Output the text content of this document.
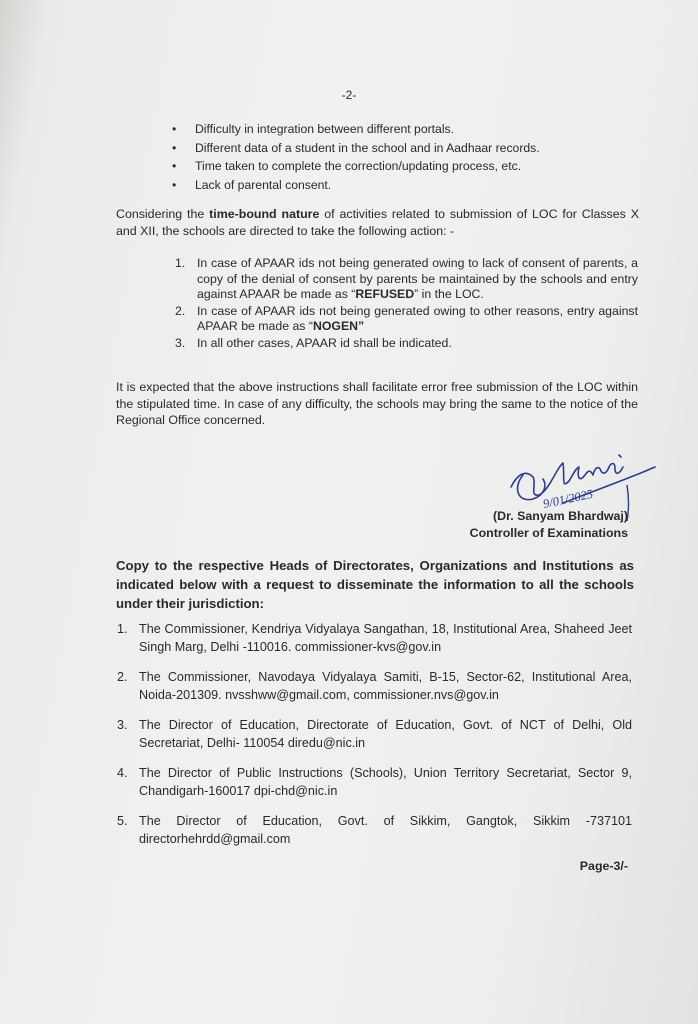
-2-
• Difficulty in integration between different portals.
• Different data of a student in the school and in Aadhaar records.
• Time taken to complete the correction/updating process, etc.
• Lack of parental consent.
Considering the time-bound nature of activities related to submission of LOC for Classes X and XII, the schools are directed to take the following action: -
1. In case of APAAR ids not being generated owing to lack of consent of parents, a copy of the denial of consent by parents be maintained by the schools and entry against APAAR be made as “REFUSED” in the LOC.
2. In case of APAAR ids not being generated owing to other reasons, entry against APAAR be made as “NOGEN”
3. In all other cases, APAAR id shall be indicated.
It is expected that the above instructions shall facilitate error free submission of the LOC within the stipulated time. In case of any difficulty, the schools may bring the same to the notice of the Regional Office concerned.
9/01/2025
(Dr. Sanyam Bhardwaj)
Controller of Examinations
Copy to the respective Heads of Directorates, Organizations and Institutions as indicated below with a request to disseminate the information to all the schools under their jurisdiction:
1. The Commissioner, Kendriya Vidyalaya Sangathan, 18, Institutional Area, Shaheed Jeet Singh Marg, Delhi -110016. commissioner-kvs@gov.in
2. The Commissioner, Navodaya Vidyalaya Samiti, B-15, Sector-62, Institutional Area, Noida-201309. nvsshww@gmail.com, commissioner.nvs@gov.in
3. The Director of Education, Directorate of Education, Govt. of NCT of Delhi, Old Secretariat, Delhi- 110054 diredu@nic.in
4. The Director of Public Instructions (Schools), Union Territory Secretariat, Sector 9, Chandigarh-160017 dpi-chd@nic.in
5. The Director of Education, Govt. of Sikkim, Gangtok, Sikkim -737101 directorhehrdd@gmail.com
Page-3/-
